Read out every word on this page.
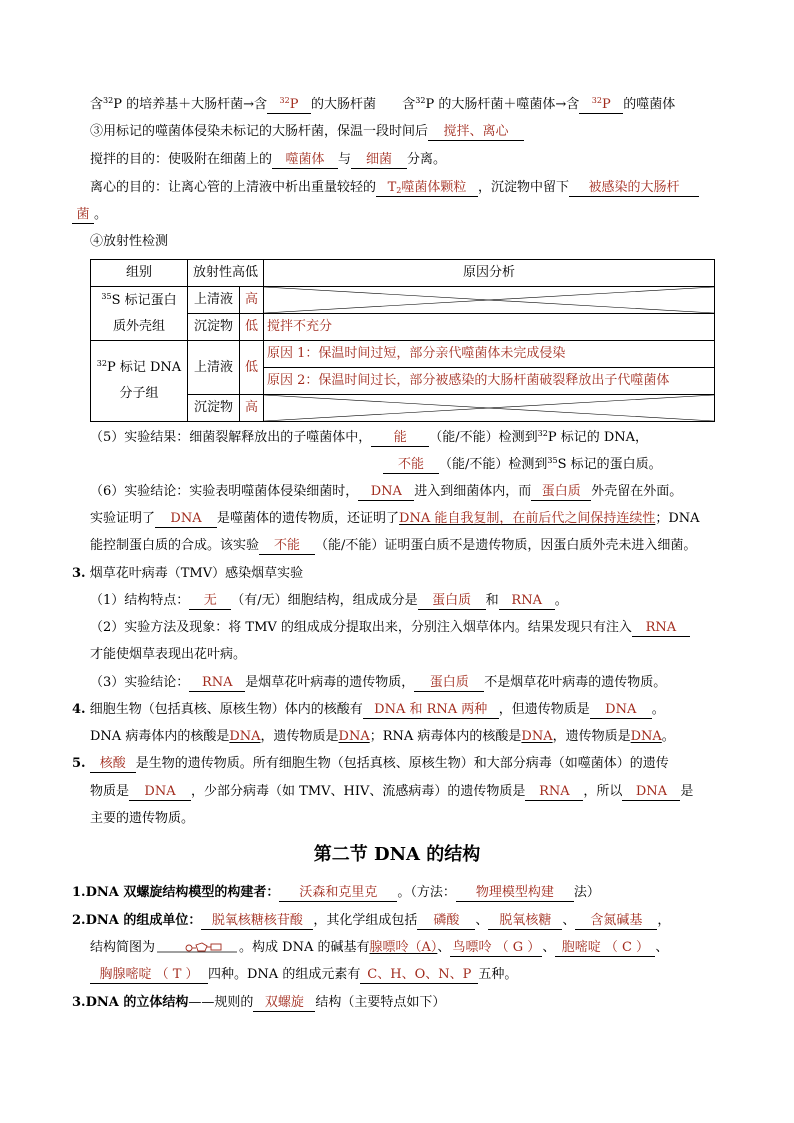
含$^{32}$P 的培养基＋大肠杆菌→含 $^{32}$P 的大肠杆菌 含$^{32}$P 的大肠杆菌＋噬菌体→含 $^{32}$P 的噬菌体
③用标记的噬菌体侵染未标记的大肠杆菌，保温一段时间后 搅拌、离心
搅拌的目的：使吸附在细菌上的 噬菌体 与 细菌 分离。
离心的目的：让离心管的上清液中析出重量较轻的 $T_2$噬菌体颗粒 ，沉淀物中留下 被感染的大肠杆
菌 。
④放射性检测
组别	放射性高低		原因分析
$^{35}$S 标记蛋白
质外壳组	上清液	高	

	沉淀物	低	搅拌不充分
$^{32}$P 标记 DNA
分子组	上清液	低	原因 1：保温时间过短，部分亲代噬菌体未完成侵染
			原因 2：保温时间过长，部分被感染的大肠杆菌破裂释放出子代噬菌体
	沉淀物	高	
（5）实验结果：细菌裂解释放出的子噬菌体中， 能 （能/不能）检测到$^{32}$P 标记的 DNA，
不能 （能/不能）检测到$^{35}$S 标记的蛋白质。
（6）实验结论：实验表明噬菌体侵染细菌时， DNA 进入到细菌体内，而 蛋白质 外壳留在外面。
实验证明了 DNA 是噬菌体的遗传物质，还证明了DNA 能自我复制，在前后代之间保持连续性；DNA
能控制蛋白质的合成。该实验 不能 （能/不能）证明蛋白质不是遗传物质，因蛋白质外壳未进入细菌。
3. 烟草花叶病毒（TMV）感染烟草实验
（1）结构特点： 无 （有/无）细胞结构，组成成分是 蛋白质 和 RNA 。
（2）实验方法及现象：将 TMV 的组成成分提取出来，分别注入烟草体内。结果发现只有注入 RNA
才能使烟草表现出花叶病。
（3）实验结论： RNA 是烟草花叶病毒的遗传物质， 蛋白质 不是烟草花叶病毒的遗传物质。
4. 细胞生物（包括真核、原核生物）体内的核酸有 DNA 和 RNA 两种 ，但遗传物质是 DNA 。
DNA 病毒体内的核酸是DNA，遗传物质是DNA；RNA 病毒体内的核酸是DNA，遗传物质是DNA。
5. 核酸 是生物的遗传物质。所有细胞生物（包括真核、原核生物）和大部分病毒（如噬菌体）的遗传
物质是 DNA ，少部分病毒（如 TMV、HIV、流感病毒）的遗传物质是 RNA ，所以 DNA 是
主要的遗传物质。
第二节 DNA 的结构
1.DNA 双螺旋结构模型的构建者： 沃森和克里克 。（方法： 物理模型构建 法）
2.DNA 的组成单位： 脱氧核糖核苷酸 ，其化学组成包括 磷酸 、 脱氧核糖 、 含氮碱基 ，
结构简图为	。构成 DNA 的碱基有腺嘌呤（A）、 鸟嘌呤 （ G ） 、 胞嘧啶 （ C ） 、
胸腺嘧啶 （ T ） 四种。DNA 的组成元素有 C、H、O、N、P 五种。
3.DNA 的立体结构——规则的 双螺旋 结构（主要特点如下）
